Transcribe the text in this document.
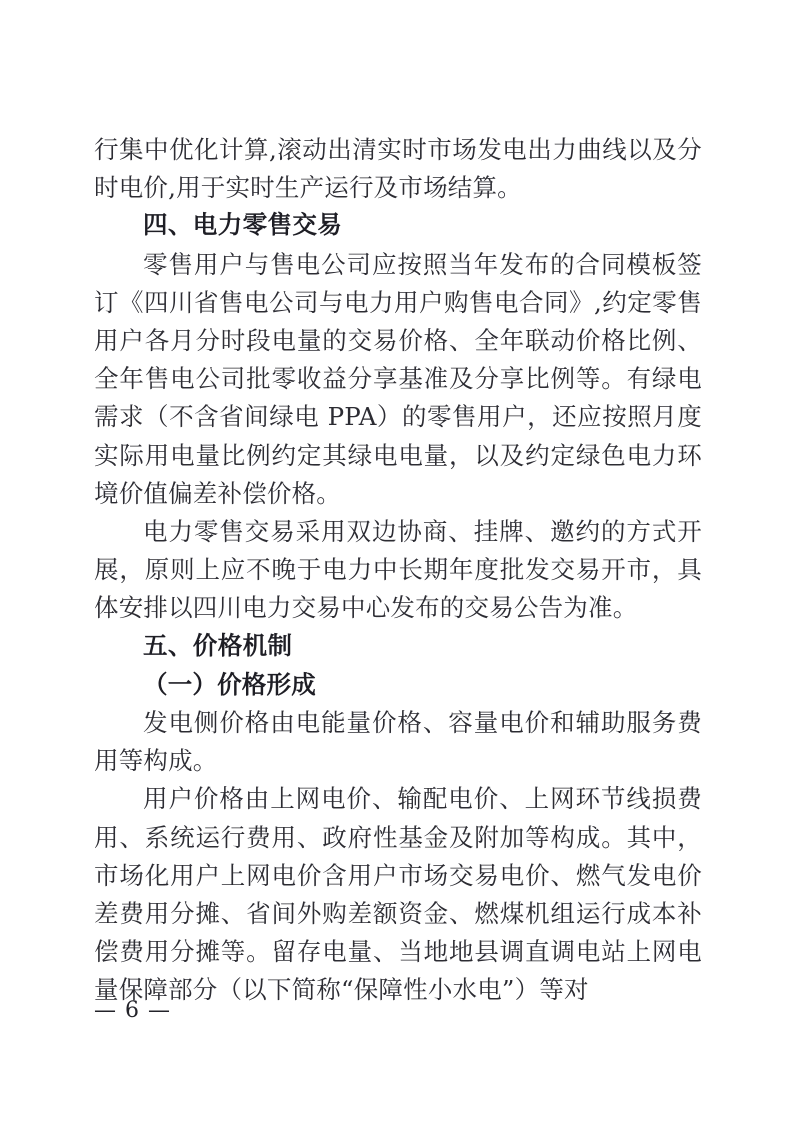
行集中优化计算,滚动出清实时市场发电出力曲线以及分时电价,用于实时生产运行及市场结算。

四、电力零售交易

零售用户与售电公司应按照当年发布的合同模板签订《四川省售电公司与电力用户购售电合同》,约定零售用户各月分时段电量的交易价格、全年联动价格比例、全年售电公司批零收益分享基准及分享比例等。有绿电需求（不含省间绿电 PPA）的零售用户，还应按照月度实际用电量比例约定其绿电电量，以及约定绿色电力环境价值偏差补偿价格。

电力零售交易采用双边协商、挂牌、邀约的方式开展，原则上应不晚于电力中长期年度批发交易开市，具体安排以四川电力交易中心发布的交易公告为准。

五、价格机制
（一）价格形成

发电侧价格由电能量价格、容量电价和辅助服务费用等构成。

用户价格由上网电价、输配电价、上网环节线损费用、系统运行费用、政府性基金及附加等构成。其中，市场化用户上网电价含用户市场交易电价、燃气发电价差费用分摊、省间外购差额资金、燃煤机组运行成本补偿费用分摊等。留存电量、当地地县调直调电站上网电量保障部分（以下简称“保障性小水电”）等对

— 6 —
